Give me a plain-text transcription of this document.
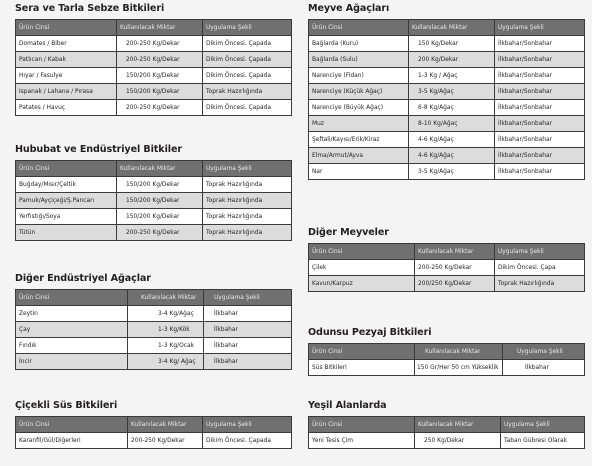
Sera ve Tarla Sebze Bitkileri
Ürün Cinsi	Kullanılacak Miktar	Uygulama Şekli
Domates / Biber	200-250 Kg/Dekar	Dikim Öncesi. Çapada
Patlıcan / Kabak	200-250 Kg/Dekar	Dikim Öncesi. Çapada
Hıyar / Fasulye	150/200 Kg/Dekar	Dikim Öncesi. Çapada
Ispanak / Lahana / Pırasa	150/200 Kg/Dekar	Toprak Hazırlığında
Patates / Havuç	200-250 Kg/Dekar	Dikim Öncesi. Çapada
Hububat ve Endüstriyel Bitkiler
Ürün Cinsi	Kullanılacak Miktar	Uygulama Şekli
Buğday/Mısır/Çeltik	150/200 Kg/Dekar	Toprak Hazırlığında
Pamuk/Ayçiçeği/Ş.Pancarı	150/200 Kg/Dekar	Toprak Hazırlığında
Yerfıstığı/Soya	150/200 Kg/Dekar	Toprak Hazırlığında
Tütün	200-250 Kg/Dekar	Toprak Hazırlığında
Diğer Endüstriyel Ağaçlar
Ürün Cinsi	Kullanılacak Miktar	Uygulama Şekli
Zeytin	3-4 Kg/Ağaç	İlkbahar
Çay	1-3 Kg/Kök	İlkbahar
Fındık	1-3 Kg/Ocak	İlkbahar
İncir	3-4 Kg/ Ağaç	İlkbahar
Çiçekli Süs Bitkileri
Ürün Cinsi	Kullanılacak Miktar	Uygulama Şekli
Karanfil/Gül/Diğerleri	200-250 Kg/Dekar	Dikim Öncesi. Çapada
Meyve Ağaçları
Ürün Cinsi	Kullanılacak Miktar	Uygulama Şekli
Bağlarda (Kuru)	150 Kg/Dekar	İlkbahar/Sonbahar
Bağlarda (Sulu)	200 Kg/Dekar	İlkbahar/Sonbahar
Narenciye (Fidan)	1-3 Kg / Ağaç	İlkbahar/Sonbahar
Narenciye (Küçük Ağaç)	3-5 Kg/Ağaç	İlkbahar/Sonbahar
Narenciye (Büyük Ağaç)	6-8 Kg/Ağaç	İlkbahar/Sonbahar
Muz	8-10 Kg/Ağaç	İlkbahar/Sonbahar
Şeftali/Kayısı/Erik/Kiraz	4-6 Kg/Ağaç	İlkbahar/Sonbahar
Elma/Armut/Ayva	4-6 Kg/Ağaç	İlkbahar/Sonbahar
Nar	3-5 Kg/Ağaç	İlkbahar/Sonbahar
Diğer Meyveler
Ürün Cinsi	Kullanılacak Miktar	Uygulama Şekli
Çilek	200-250 Kg/Dekar	Dikim Öncesi. Çapa
Kavun/Karpuz	200/250 Kg/Dekar	Toprak Hazırlığında
Odunsu Pezyaj Bitkileri
Ürün Cinsi	Kullanılacak Miktar	Uygulama Şekli
Süs Bitkileri	150 Gr/Her 50 cm Yükseklik	İlkbahar
Yeşil Alanlarda
Ürün Cinsi	Kullanılacak Miktar	Uygulama Şekli
Yeni Tesis Çim	250 Kg/Dekar	Taban Gübresi Olarak
